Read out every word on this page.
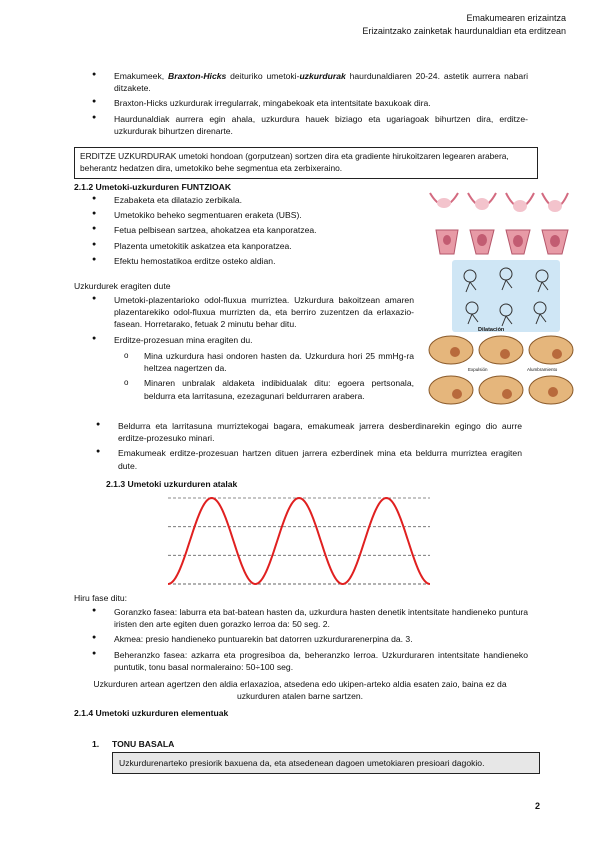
Emakumearen erizaintza
Erizaintzako zainketak haurdunaldian eta erditzean
● Emakumeek, Braxton-Hicks deituriko umetoki-uzkurdurak haurdunaldiaren 20-24. astetik aurrera nabari ditzakete.
● Braxton-Hicks uzkurdurak irregularrak, mingabekoak eta intentsitate baxukoak dira.
● Haurdunaldiak aurrera egin ahala, uzkurdura hauek biziago eta ugariagoak bihurtzen dira, erditze-uzkurdurak bihurtzen direnarte.
ERDITZE UZKURDURAK umetoki hondoan (gorputzean) sortzen dira eta gradiente hirukoitzaren legearen arabera, beherantz hedatzen dira, umetokiko behe segmentua eta zerbixeraino.
2.1.2 Umetoki-uzkurduren FUNTZIOAK
● Ezabaketa eta dilatazio zerbikala.
● Umetokiko beheko segmentuaren eraketa (UBS).
● Fetua pelbisean sartzea, ahokatzea eta kanporatzea.
● Plazenta umetokitik askatzea eta kanporatzea.
● Efektu hemostatikoa erditze osteko aldian.
Dilatación
Expulsión	Alumbramiento
Uzkurdurek eragiten dute
● Umetoki-plazentarioko odol-fluxua murriztea. Uzkurdura bakoitzean amaren plazentarekiko odol-fluxua murrizten da, eta berriro zuzentzen da erlaxazio-fasean. Horretarako, fetuak 2 minutu behar ditu.
● Erditze-prozesuan mina eragiten du.
o Mina uzkurdura hasi ondoren hasten da. Uzkurdura hori 25 mmHg-ra heltzea nagertzen da.
o Minaren unbralak aldaketa indibidualak ditu: egoera pertsonala, beldurra eta larritasuna, ezezagunari beldurraren arabera.
● Beldurra eta larritasuna murriztekogai bagara, emakumeak jarrera desberdinarekin egingo dio aurre erditze-prozesuko minari.
● Emakumeak erditze-prozesuan hartzen dituen jarrera ezberdinek mina eta beldurra murriztea eragiten dute.
2.1.3 Umetoki uzkurduren atalak
Hiru fase ditu:
● Goranzko fasea: laburra eta bat-batean hasten da, uzkurdura hasten denetik intentsitate handieneko puntura iristen den arte egiten duen gorazko lerroa da: 50 seg. 2.
● Akmea: presio handieneko puntuarekin bat datorren uzkurdurarenerpina da. 3.
● Beheranzko fasea: azkarra eta progresiboa da, beheranzko lerroa. Uzkurduraren intentsitate handieneko puntutik, tonu basal normaleraino: 50÷100 seg.
Uzkurduren artean agertzen den aldia erlaxazioa, atsedena edo ukipen-arteko aldia esaten zaio, baina ez da uzkurduren atalen barne sartzen.
2.1.4 Umetoki uzkurduren elementuak
1. TONU BASALA
Uzkurdurenarteko presiorik baxuena da, eta atsedenean dagoen umetokiaren presioari dagokio.
2
